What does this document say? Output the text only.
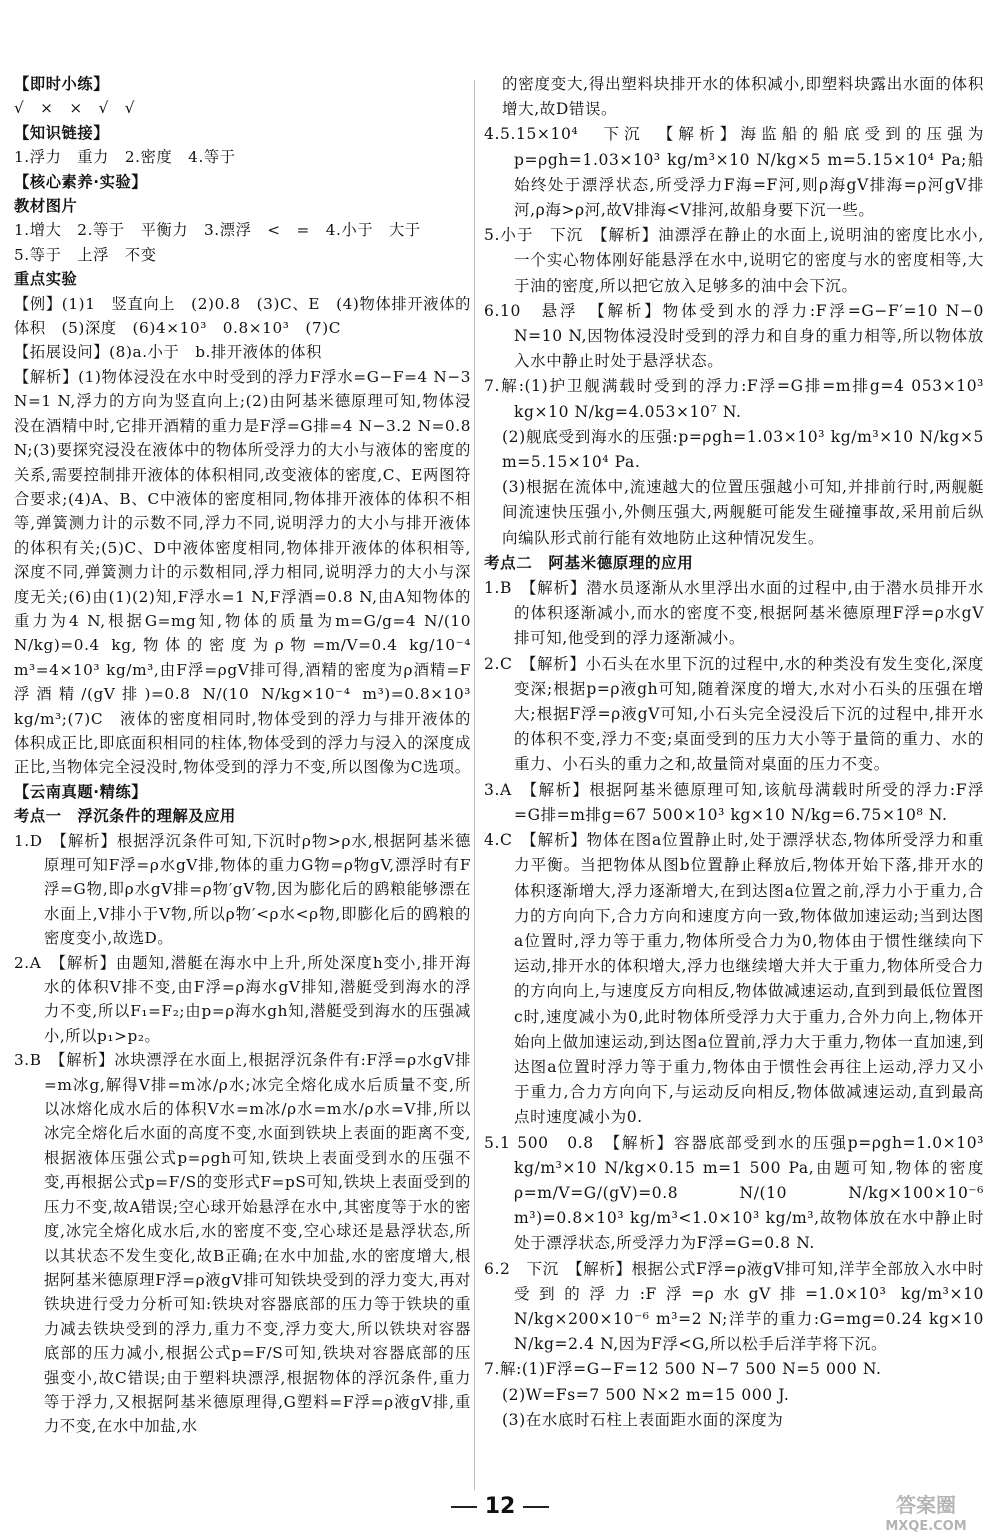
【即时小练】
√　×　×　√　√
【知识链接】
1.浮力　重力　2.密度　4.等于
【核心素养·实验】
教材图片
1.增大　2.等于　平衡力　3.漂浮　<　=　4.小于　大于
5.等于　上浮　不变
重点实验
【例】(1)1　竖直向上　(2)0.8　(3)C、E　(4)物体排开液体的体积　(5)深度　(6)4×10³　0.8×10³　(7)C
【拓展设问】(8)a.小于　b.排开液体的体积
【解析】(1)物体浸没在水中时受到的浮力F浮水=G−F=4 N−3 N=1 N,浮力的方向为竖直向上;(2)由阿基米德原理可知,物体浸没在酒精中时,它排开酒精的重力是F浮=G排=4 N−3.2 N=0.8 N;(3)要探究浸没在液体中的物体所受浮力的大小与液体的密度的关系,需要控制排开液体的体积相同,改变液体的密度,C、E两图符合要求;(4)A、B、C中液体的密度相同,物体排开液体的体积不相等,弹簧测力计的示数不同,浮力不同,说明浮力的大小与排开液体的体积有关;(5)C、D中液体密度相同,物体排开液体的体积相等,深度不同,弹簧测力计的示数相同,浮力相同,说明浮力的大小与深度无关;(6)由(1)(2)知,F浮水=1 N,F浮酒=0.8 N,由A知物体的重力为4 N,根据G=mg知,物体的质量为m=G/g=4 N/(10 N/kg)=0.4 kg,物体的密度为ρ物=m/V=0.4 kg/10⁻⁴ m³=4×10³ kg/m³,由F浮=ρgV排可得,酒精的密度为ρ酒精=F浮酒精/(gV排)=0.8 N/(10 N/kg×10⁻⁴ m³)=0.8×10³ kg/m³;(7)C　液体的密度相同时,物体受到的浮力与排开液体的体积成正比,即底面积相同的柱体,物体受到的浮力与浸入的深度成正比,当物体完全浸没时,物体受到的浮力不变,所以图像为C选项。
【云南真题·精练】
考点一　浮沉条件的理解及应用
1.D　【解析】根据浮沉条件可知,下沉时ρ物>ρ水,根据阿基米德原理可知F浮=ρ水gV排,物体的重力G物=ρ物gV,漂浮时有F浮=G物,即ρ水gV排=ρ物′gV物,因为膨化后的鸥粮能够漂在水面上,V排小于V物,所以ρ物′<ρ水<ρ物,即膨化后的鸥粮的密度变小,故选D。
2.A　【解析】由题知,潜艇在海水中上升,所处深度h变小,排开海水的体积V排不变,由F浮=ρ海水gV排知,潜艇受到海水的浮力不变,所以F₁=F₂;由p=ρ海水gh知,潜艇受到海水的压强减小,所以p₁>p₂。
3.B　【解析】冰块漂浮在水面上,根据浮沉条件有:F浮=ρ水gV排=m冰g,解得V排=m冰/ρ水;冰完全熔化成水后质量不变,所以冰熔化成水后的体积V水=m冰/ρ水=m水/ρ水=V排,所以冰完全熔化后水面的高度不变,水面到铁块上表面的距离不变,根据液体压强公式p=ρgh可知,铁块上表面受到水的压强不变,再根据公式p=F/S的变形式F=pS可知,铁块上表面受到的压力不变,故A错误;空心球开始悬浮在水中,其密度等于水的密度,冰完全熔化成水后,水的密度不变,空心球还是悬浮状态,所以其状态不发生变化,故B正确;在水中加盐,水的密度增大,根据阿基米德原理F浮=ρ液gV排可知铁块受到的浮力变大,再对铁块进行受力分析可知:铁块对容器底部的压力等于铁块的重力减去铁块受到的浮力,重力不变,浮力变大,所以铁块对容器底部的压力减小,根据公式p=F/S可知,铁块对容器底部的压强变小,故C错误;由于塑料块漂浮,根据物体的浮沉条件,重力等于浮力,又根据阿基米德原理得,G塑料=F浮=ρ液gV排,重力不变,在水中加盐,水
的密度变大,得出塑料块排开水的体积减小,即塑料块露出水面的体积增大,故D错误。
4.5.15×10⁴　下沉　【解析】海监船的船底受到的压强为p=ρgh=1.03×10³ kg/m³×10 N/kg×5 m=5.15×10⁴ Pa;船始终处于漂浮状态,所受浮力F海=F河,则ρ海gV排海=ρ河gV排河,ρ海>ρ河,故V排海<V排河,故船身要下沉一些。
5.小于　下沉　【解析】油漂浮在静止的水面上,说明油的密度比水小,一个实心物体刚好能悬浮在水中,说明它的密度与水的密度相等,大于油的密度,所以把它放入足够多的油中会下沉。
6.10　悬浮　【解析】物体受到水的浮力:F浮=G−F′=10 N−0 N=10 N,因物体浸没时受到的浮力和自身的重力相等,所以物体放入水中静止时处于悬浮状态。
7.解:(1)护卫舰满载时受到的浮力:F浮=G排=m排g=4 053×10³ kg×10 N/kg=4.053×10⁷ N.
(2)舰底受到海水的压强:p=ρgh=1.03×10³ kg/m³×10 N/kg×5 m=5.15×10⁴ Pa.
(3)根据在流体中,流速越大的位置压强越小可知,并排前行时,两舰艇间流速快压强小,外侧压强大,两舰艇可能发生碰撞事故,采用前后纵向编队形式前行能有效地防止这种情况发生。
考点二　阿基米德原理的应用
1.B　【解析】潜水员逐渐从水里浮出水面的过程中,由于潜水员排开水的体积逐渐减小,而水的密度不变,根据阿基米德原理F浮=ρ水gV排可知,他受到的浮力逐渐减小。
2.C　【解析】小石头在水里下沉的过程中,水的种类没有发生变化,深度变深;根据p=ρ液gh可知,随着深度的增大,水对小石头的压强在增大;根据F浮=ρ液gV可知,小石头完全浸没后下沉的过程中,排开水的体积不变,浮力不变;桌面受到的压力大小等于量筒的重力、水的重力、小石头的重力之和,故量筒对桌面的压力不变。
3.A　【解析】根据阿基米德原理可知,该航母满载时所受的浮力:F浮=G排=m排g=67 500×10³ kg×10 N/kg=6.75×10⁸ N.
4.C　【解析】物体在图a位置静止时,处于漂浮状态,物体所受浮力和重力平衡。当把物体从图b位置静止释放后,物体开始下落,排开水的体积逐渐增大,浮力逐渐增大,在到达图a位置之前,浮力小于重力,合力的方向向下,合力方向和速度方向一致,物体做加速运动;当到达图a位置时,浮力等于重力,物体所受合力为0,物体由于惯性继续向下运动,排开水的体积增大,浮力也继续增大并大于重力,物体所受合力的方向向上,与速度反方向相反,物体做减速运动,直到到最低位置图c时,速度减小为0,此时物体所受浮力大于重力,合外力向上,物体开始向上做加速运动,到达图a位置前,浮力大于重力,物体一直加速,到达图a位置时浮力等于重力,物体由于惯性会再往上运动,浮力又小于重力,合力方向向下,与运动反向相反,物体做减速运动,直到最高点时速度减小为0.
5.1 500　0.8　【解析】容器底部受到水的压强p=ρgh=1.0×10³ kg/m³×10 N/kg×0.15 m=1 500 Pa,由题可知,物体的密度ρ=m/V=G/(gV)=0.8 N/(10 N/kg×100×10⁻⁶ m³)=0.8×10³ kg/m³<1.0×10³ kg/m³,故物体放在水中静止时处于漂浮状态,所受浮力为F浮=G=0.8 N.
6.2　下沉　【解析】根据公式F浮=ρ液gV排可知,洋芋全部放入水中时受到的浮力:F浮=ρ水gV排=1.0×10³ kg/m³×10 N/kg×200×10⁻⁶ m³=2 N;洋芋的重力:G=mg=0.24 kg×10 N/kg=2.4 N,因为F浮<G,所以松手后洋芋将下沉。
7.解:(1)F浮=G−F=12 500 N−7 500 N=5 000 N.
(2)W=Fs=7 500 N×2 m=15 000 J.
(3)在水底时石柱上表面距水面的深度为
12	答案圈
MXQE.COM
